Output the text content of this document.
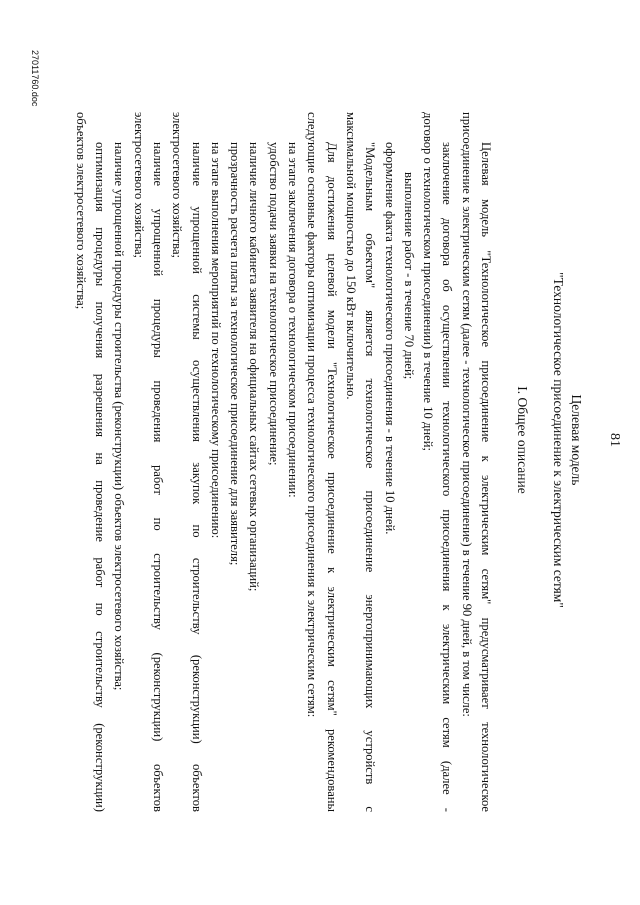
81
Целевая модель
"Технологическое присоединение к электрическим сетям"
I. Общее описание
Целевая модель "Технологическое присоединение к электрическим сетям" предусматривает технологическое
присоединение к электрическим сетям (далее - технологическое присоединение) в течение 90 дней, в том числе:
заключение договора об осуществлении технологического присоединения к электрическим сетям (далее -
договор о технологическом присоединении) в течение 10 дней;
выполнение работ - в течение 70 дней;
оформление факта технологического присоединения - в течение 10 дней.
"Модельным объектом" является технологическое присоединение энергопринимающих устройств с
максимальной мощностью до 150 кВт включительно.
Для достижения целевой модели "Технологическое присоединение к электрическим сетям" рекомендованы
следующие основные факторы оптимизации процесса технологического присоединения к электрическим сетям:
на этапе заключения договора о технологическом присоединении:
удобство подачи заявки на технологическое присоединение;
наличие личного кабинета заявителя на официальных сайтах сетевых организаций;
прозрачность расчета платы за технологическое присоединение для заявителя;
на этапе выполнения мероприятий по технологическому присоединению:
наличие упрощенной системы осуществления закупок по строительству (реконструкции) объектов
электросетевого хозяйства;
наличие упрощенной процедуры проведения работ по строительству (реконструкции) объектов
электросетевого хозяйства;
наличие упрощенной процедуры строительства (реконструкции) объектов электросетевого хозяйства;
оптимизация процедуры получения разрешения на проведение работ по строительству (реконструкции)
объектов электросетевого хозяйства;
27011760.doc
